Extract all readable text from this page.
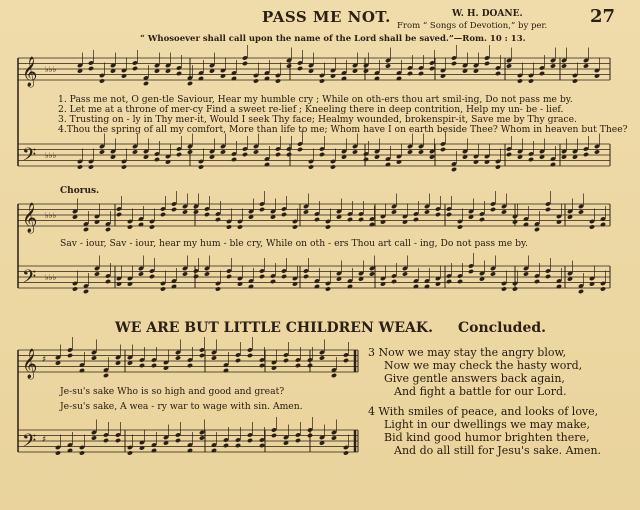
PASS ME NOT.	W. H. DOANE.
From “ Songs of Devotion,” by per. 27
“ Whosoever shall call upon the name of the Lord shall be saved.”—Rom. 10 : 13.
𝄞
𝄢
♭♭♭
♭♭♭
𝄞
𝄢
♭♭♭
♭♭♭
𝄞
𝄢
♯
♯
1. Pass me not, O gen-tle Saviour, Hear my humble cry ; While on oth-ers thou art smil-ing, Do not pass me by.
2. Let me at a throne of mer-cy Find a sweet re-lief ; Kneeling there in deep contrition, Help my un- be - lief.
3. Trusting on - ly in Thy mer-it, Would I seek Thy face; Healmy wounded, brokenspir-it, Save me by Thy grace.
4.Thou the spring of all my comfort, More than life to me; Whom have I on earth beside Thee? Whom in heaven but Thee?
Chorus.
Sav - iour, Sav - iour, hear my hum - ble cry, While on oth - ers Thou art call - ing, Do not pass me by.
WE ARE BUT LITTLE CHILDREN WEAK. Concluded.
Je-su's sake Who is so high and good and great?
Je-su's sake, A wea - ry war to wage with sin. Amen.
3 Now we may stay the angry blow,
Now we may check the hasty word,
Give gentle answers back again,
And fight a battle for our Lord.
4 With smiles of peace, and looks of love,
Light in our dwellings we may make,
Bid kind good humor brighten there,
And do all still for Jesu's sake. Amen.
